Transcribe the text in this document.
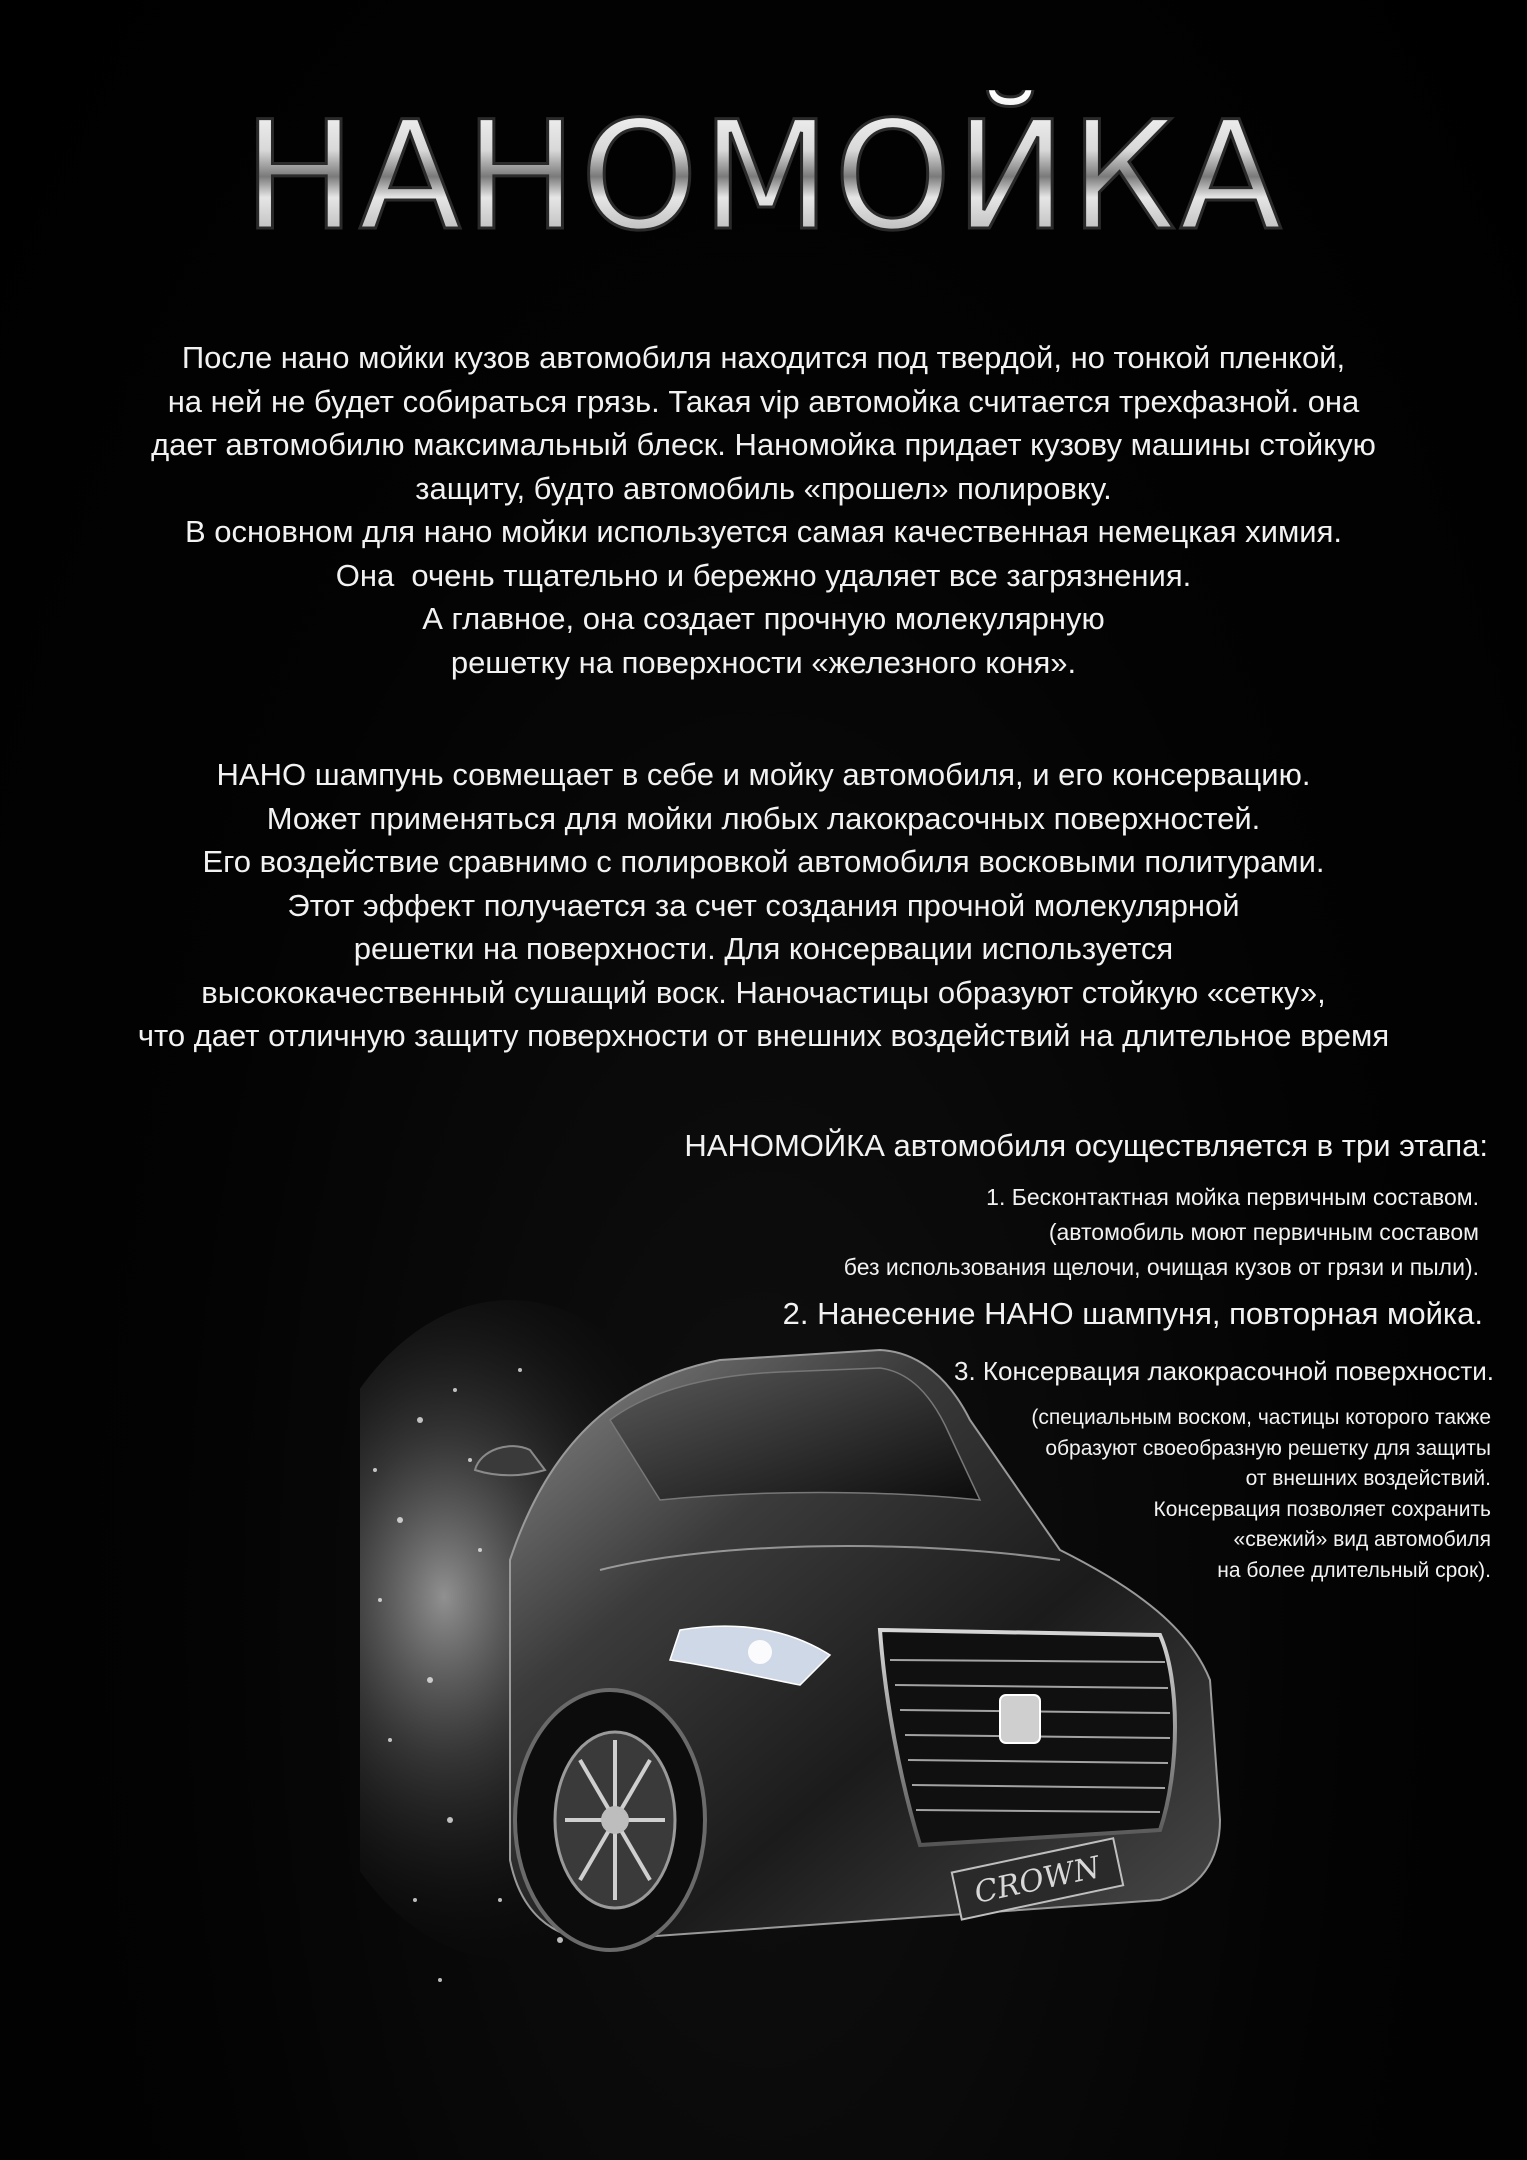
НАНОМОЙКА
После нано мойки кузов автомобиля находится под твердой, но тонкой пленкой,
на ней не будет собираться грязь. Такая vip автомойка считается трехфазной. она
дает автомобилю максимальный блеск. Наномойка придает кузову машины стойкую
защиту, будто автомобиль «прошел» полировку.
В основном для нано мойки используется самая качественная немецкая химия.
Она  очень тщательно и бережно удаляет все загрязнения.
А главное, она создает прочную молекулярную
решетку на поверхности «железного коня».
НАНО шампунь совмещает в себе и мойку автомобиля, и его консервацию.
Может применяться для мойки любых лакокрасочных поверхностей.
Его воздействие сравнимо с полировкой автомобиля восковыми политурами.
Этот эффект получается за счет создания прочной молекулярной
решетки на поверхности. Для консервации используется
высококачественный сушащий воск. Наночастицы образуют стойкую «сетку»,
что дает отличную защиту поверхности от внешних воздействий на длительное время
CROWN
НАНОМОЙКА автомобиля осуществляется в три этапа:
1. Бесконтактная мойка первичным составом.
(автомобиль моют первичным составом
без использования щелочи, очищая кузов от грязи и пыли).
2. Нанесение НАНО шампуня, повторная мойка.
3. Консервация лакокрасочной поверхности.
(специальным воском, частицы которого также
образуют своеобразную решетку для защиты
от внешних воздействий.
Консервация позволяет сохранить
«свежий» вид автомобиля
на более длительный срок).
